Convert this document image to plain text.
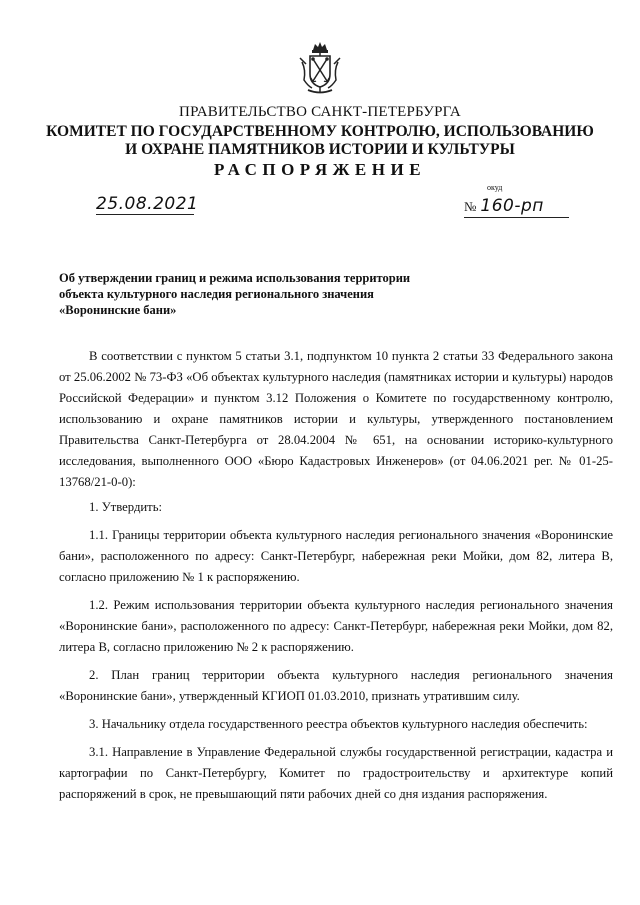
ПРАВИТЕЛЬСТВО САНКТ-ПЕТЕРБУРГА
КОМИТЕТ ПО ГОСУДАРСТВЕННОМУ КОНТРОЛЮ, ИСПОЛЬЗОВАНИЮ
И ОХРАНЕ ПАМЯТНИКОВ ИСТОРИИ И КУЛЬТУРЫ
РАСПОРЯЖЕНИЕ
25.08.2021
окуд
№ 160-рп
Об утверждении границ и режима использования территории
объекта культурного наследия регионального значения
«Воронинские бани»

В соответствии с пунктом 5 статьи 3.1, подпунктом 10 пункта 2 статьи 33 Федерального закона от 25.06.2002 № 73-ФЗ «Об объектах культурного наследия (памятниках истории и культуры) народов Российской Федерации» и пунктом 3.12 Положения о Комитете по государственному контролю, использованию и охране памятников истории и культуры, утвержденного постановлением Правительства Санкт-Петербурга от 28.04.2004 № 651, на основании историко-культурного исследования, выполненного ООО «Бюро Кадастровых Инженеров» (от 04.06.2021 рег. № 01-25-13768/21-0-0):

1. Утвердить:

1.1. Границы территории объекта культурного наследия регионального значения «Воронинские бани», расположенного по адресу: Санкт-Петербург, набережная реки Мойки, дом 82, литера В, согласно приложению № 1 к распоряжению.

1.2. Режим использования территории объекта культурного наследия регионального значения «Воронинские бани», расположенного по адресу: Санкт-Петербург, набережная реки Мойки, дом 82, литера В, согласно приложению № 2 к распоряжению.

2. План границ территории объекта культурного наследия регионального значения «Воронинские бани», утвержденный КГИОП 01.03.2010, признать утратившим силу.

3. Начальнику отдела государственного реестра объектов культурного наследия обеспечить:

3.1. Направление в Управление Федеральной службы государственной регистрации, кадастра и картографии по Санкт-Петербургу, Комитет по градостроительству и архитектуре копий распоряжений в срок, не превышающий пяти рабочих дней со дня издания распоряжения.
